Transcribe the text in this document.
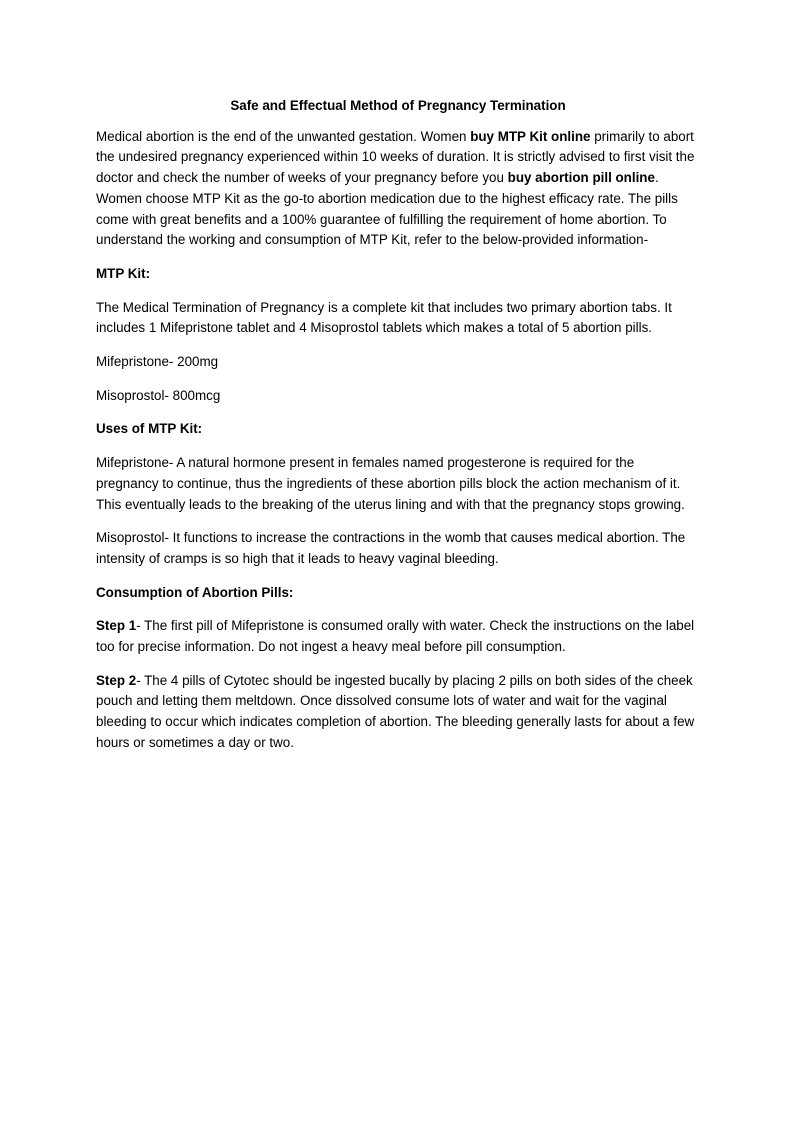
Safe and Effectual Method of Pregnancy Termination

Medical abortion is the end of the unwanted gestation. Women buy MTP Kit online primarily to abort the undesired pregnancy experienced within 10 weeks of duration. It is strictly advised to first visit the doctor and check the number of weeks of your pregnancy before you buy abortion pill online. Women choose MTP Kit as the go-to abortion medication due to the highest efficacy rate. The pills come with great benefits and a 100% guarantee of fulfilling the requirement of home abortion. To understand the working and consumption of MTP Kit, refer to the below-provided information-

MTP Kit:

The Medical Termination of Pregnancy is a complete kit that includes two primary abortion tabs. It includes 1 Mifepristone tablet and 4 Misoprostol tablets which makes a total of 5 abortion pills.

Mifepristone- 200mg

Misoprostol- 800mcg

Uses of MTP Kit:

Mifepristone- A natural hormone present in females named progesterone is required for the pregnancy to continue, thus the ingredients of these abortion pills block the action mechanism of it. This eventually leads to the breaking of the uterus lining and with that the pregnancy stops growing.

Misoprostol- It functions to increase the contractions in the womb that causes medical abortion. The intensity of cramps is so high that it leads to heavy vaginal bleeding.

Consumption of Abortion Pills:

Step 1- The first pill of Mifepristone is consumed orally with water. Check the instructions on the label too for precise information. Do not ingest a heavy meal before pill consumption.

Step 2- The 4 pills of Cytotec should be ingested bucally by placing 2 pills on both sides of the cheek pouch and letting them meltdown. Once dissolved consume lots of water and wait for the vaginal bleeding to occur which indicates completion of abortion. The bleeding generally lasts for about a few hours or sometimes a day or two.
